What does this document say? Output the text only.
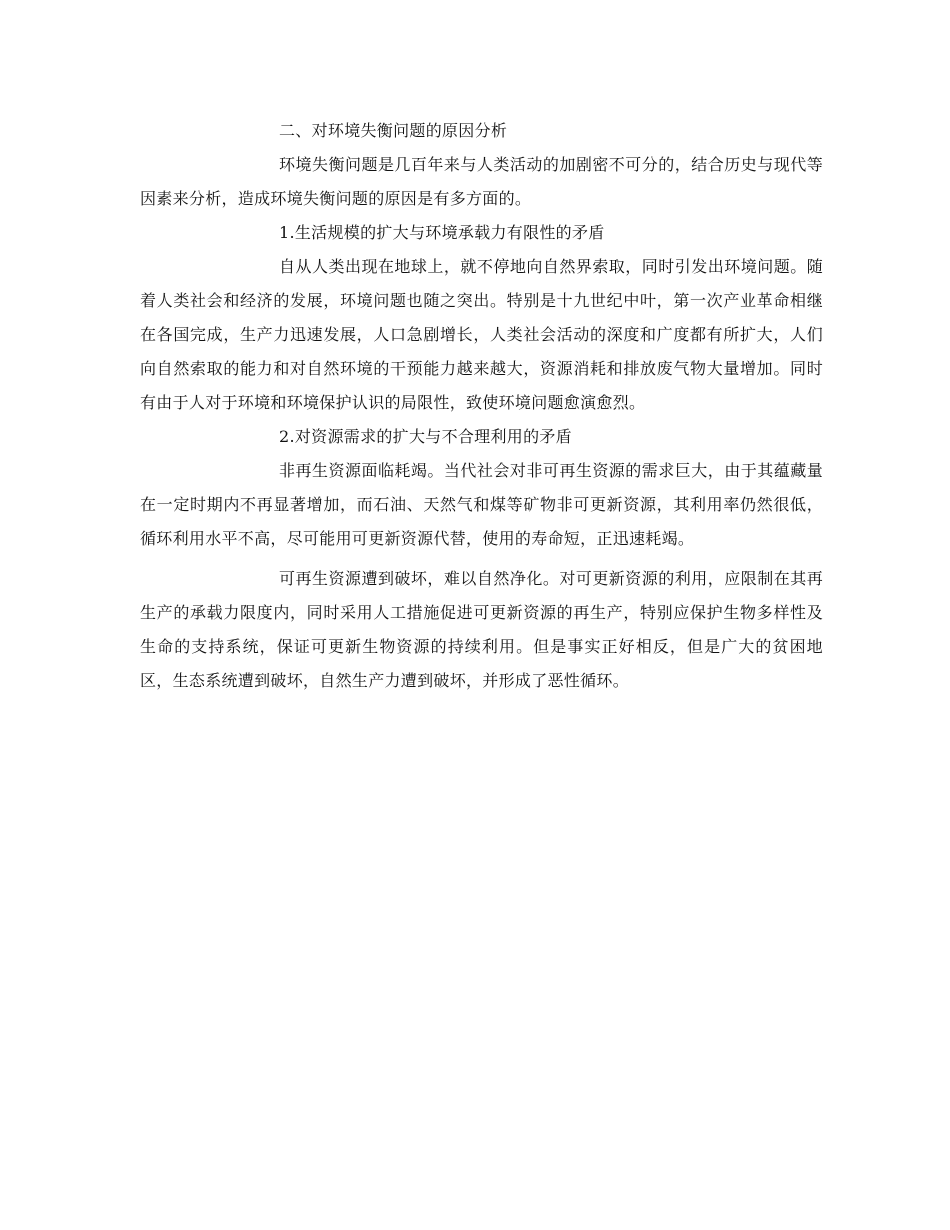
二、对环境失衡问题的原因分析

环境失衡问题是几百年来与人类活动的加剧密不可分的，结合历史与现代等因素来分析，造成环境失衡问题的原因是有多方面的。

1.生活规模的扩大与环境承载力有限性的矛盾

自从人类出现在地球上，就不停地向自然界索取，同时引发出环境问题。随着人类社会和经济的发展，环境问题也随之突出。特别是十九世纪中叶，第一次产业革命相继在各国完成，生产力迅速发展，人口急剧增长，人类社会活动的深度和广度都有所扩大，人们向自然索取的能力和对自然环境的干预能力越来越大，资源消耗和排放废气物大量增加。同时有由于人对于环境和环境保护认识的局限性，致使环境问题愈演愈烈。

2.对资源需求的扩大与不合理利用的矛盾

非再生资源面临耗竭。当代社会对非可再生资源的需求巨大，由于其蕴藏量在一定时期内不再显著增加，而石油、天然气和煤等矿物非可更新资源，其利用率仍然很低，循环利用水平不高，尽可能用可更新资源代替，使用的寿命短，正迅速耗竭。

可再生资源遭到破坏，难以自然净化。对可更新资源的利用，应限制在其再生产的承载力限度内，同时采用人工措施促进可更新资源的再生产，特别应保护生物多样性及生命的支持系统，保证可更新生物资源的持续利用。但是事实正好相反，但是广大的贫困地区，生态系统遭到破坏，自然生产力遭到破坏，并形成了恶性循环。
